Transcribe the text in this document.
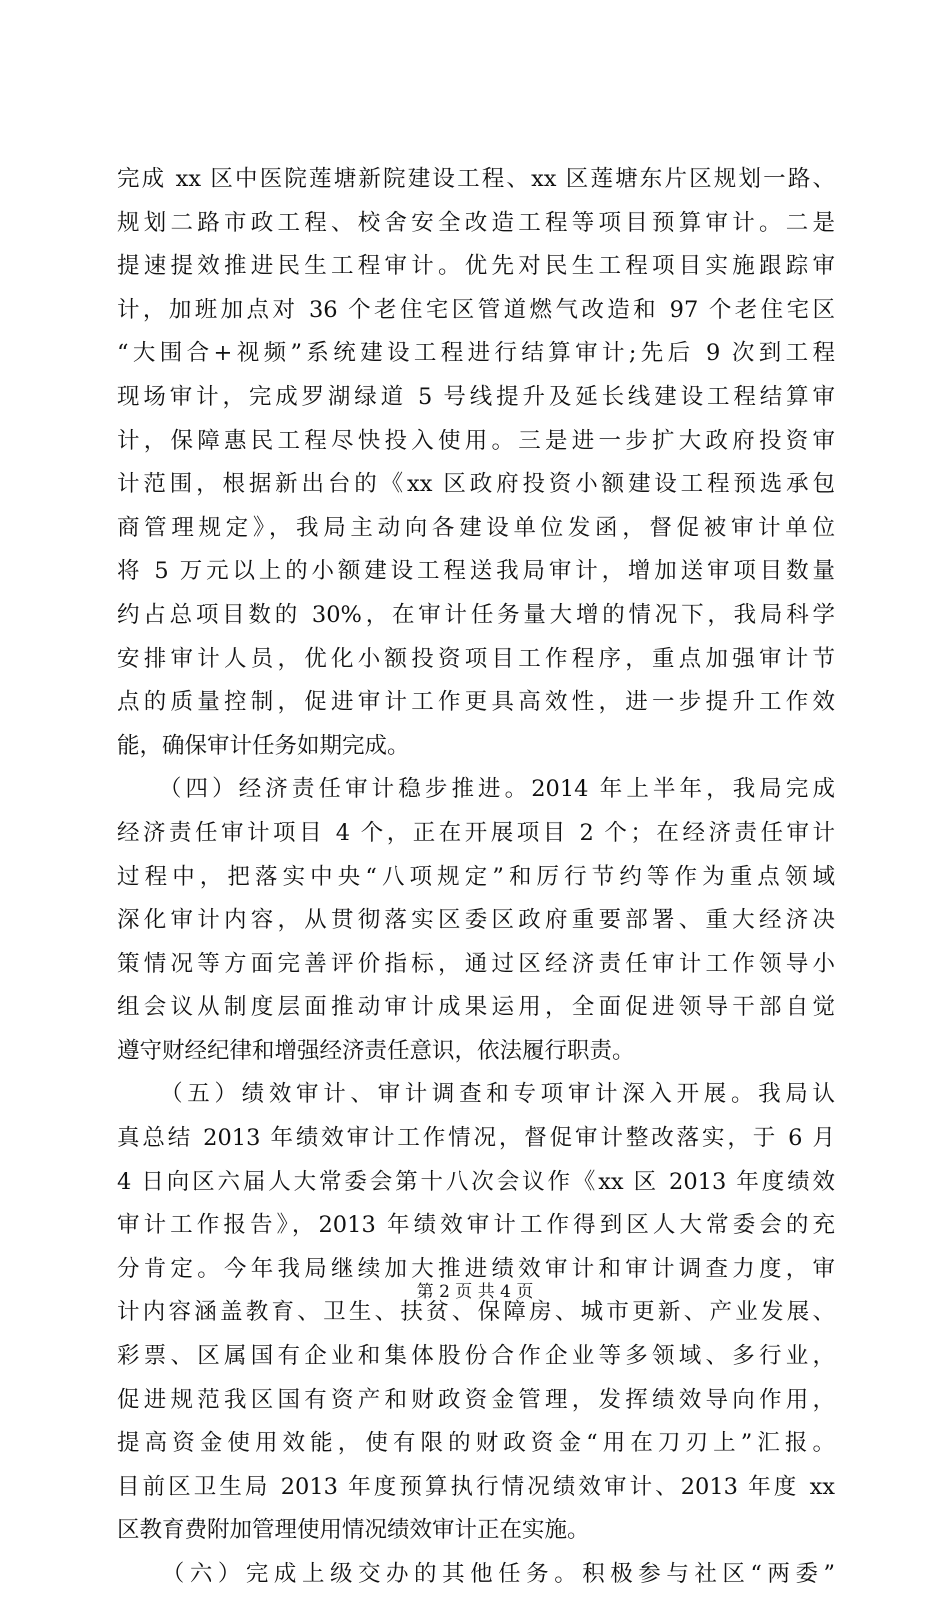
完成 xx 区中医院莲塘新院建设工程、xx 区莲塘东片区规划一路、
规划二路市政工程、校舍安全改造工程等项目预算审计。二是
提速提效推进民生工程审计。优先对民生工程项目实施跟踪审
计，加班加点对 36 个老住宅区管道燃气改造和 97 个老住宅区
“大围合+视频”系统建设工程进行结算审计;先后 9 次到工程
现场审计，完成罗湖绿道 5 号线提升及延长线建设工程结算审
计，保障惠民工程尽快投入使用。三是进一步扩大政府投资审
计范围，根据新出台的《xx 区政府投资小额建设工程预选承包
商管理规定》，我局主动向各建设单位发函，督促被审计单位
将 5 万元以上的小额建设工程送我局审计，增加送审项目数量
约占总项目数的 30%，在审计任务量大增的情况下，我局科学
安排审计人员，优化小额投资项目工作程序，重点加强审计节
点的质量控制，促进审计工作更具高效性，进一步提升工作效
能，确保审计任务如期完成。
　　（四）经济责任审计稳步推进。2014 年上半年，我局完成
经济责任审计项目 4 个，正在开展项目 2 个；在经济责任审计
过程中，把落实中央“八项规定”和厉行节约等作为重点领域
深化审计内容，从贯彻落实区委区政府重要部署、重大经济决
策情况等方面完善评价指标，通过区经济责任审计工作领导小
组会议从制度层面推动审计成果运用，全面促进领导干部自觉
遵守财经纪律和增强经济责任意识，依法履行职责。
　　（五）绩效审计、审计调查和专项审计深入开展。我局认
真总结 2013 年绩效审计工作情况，督促审计整改落实，于 6 月
4 日向区六届人大常委会第十八次会议作《xx 区 2013 年度绩效
审计工作报告》，2013 年绩效审计工作得到区人大常委会的充
分肯定。今年我局继续加大推进绩效审计和审计调查力度，审
计内容涵盖教育、卫生、扶贫、保障房、城市更新、产业发展、
彩票、区属国有企业和集体股份合作企业等多领域、多行业，
促进规范我区国有资产和财政资金管理，发挥绩效导向作用，
提高资金使用效能，使有限的财政资金“用在刀刃上”汇报。
目前区卫生局 2013 年度预算执行情况绩效审计、2013 年度 xx
区教育费附加管理使用情况绩效审计正在实施。
　　（六）完成上级交办的其他任务。积极参与社区“两委”
第 2 页 共 4 页
